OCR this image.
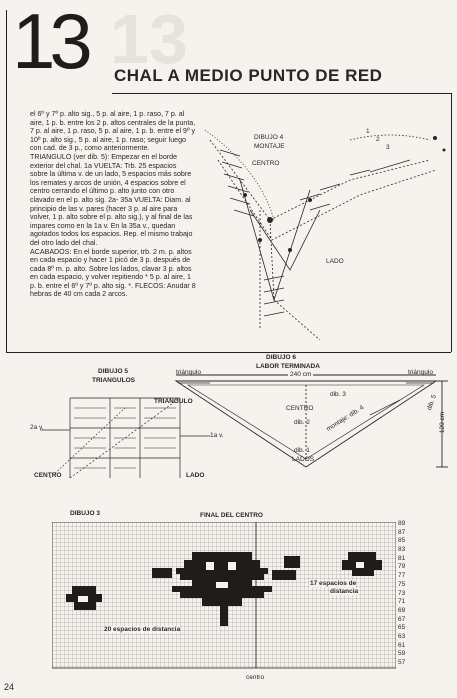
13
13 CHAL A MEDIO PUNTO DE RED
el 6º y 7º p. alto sig., 5 p. al aire, 1 p. raso, 7 p. al aire, 1 p. b. entre los 2 p. altos centrales de la punta, 7 p. al aire, 1 p. raso, 5 p. al aire, 1 p. b. entre el 9º y 10º p. alto sig., 5 p. al aire, 1 p. raso; seguir luego con cad. de 3 p., como anteriormente.
TRIANGULO (ver dib. 5): Empezar en el borde exterior del chal. 1a VUELTA: Trb. 25 espacios sobre la última v. de un lado, 5 espacios más sobre los remates y arcos de unión, 4 espacios sobre el centro cerrando el último p. alto junto con otro clavado en el p. alto sig. 2a- 35a VUELTA: Diam. al principio de las v. pares (hacer 3 p. al aire para volver, 1 p. alto sobre el p. alto sig.), y al final de las impares como en la 1a v. En la 35a v., quedan agotados todos los espacios. Rep. el mismo trabajo del otro lado del chal.
ACABADOS: En el borde superior, trb. 2 m. p. altos en cada espacio y hacer 1 picó de 3 p. después de cada 8º m. p. alto. Sobre los lados, clavar 3 p. altos en cada espacio, y volver repitiendo * 5 p. al aire, 1 p. b. entre el 6º y 7º p. alto sig. *. FLECOS: Anudar 8 hebras de 40 cm cada 2 arcos.
DIBUJO 4
MONTAJE
CENTRO
LADO
1
2
3
DIBUJO 6
LABOR TERMINADA
240 cm
triángulo	triángulo
dib. 3	dib. 5
CENTRO
dib. 2 montaje: dib. 4
dib. 1
LADOS
120 cm
DIBUJO 5
TRIANGULOS
TRIANGULO
2a v.
1a v.
CENTRO	LADO
DIBUJO 3	FINAL DEL CENTRO
17 espacios de
distancia
20 espacios de distancia
centro
89
87
85
83
81
79
77
75
73
71
69
67
65
63
61
59
57
24
